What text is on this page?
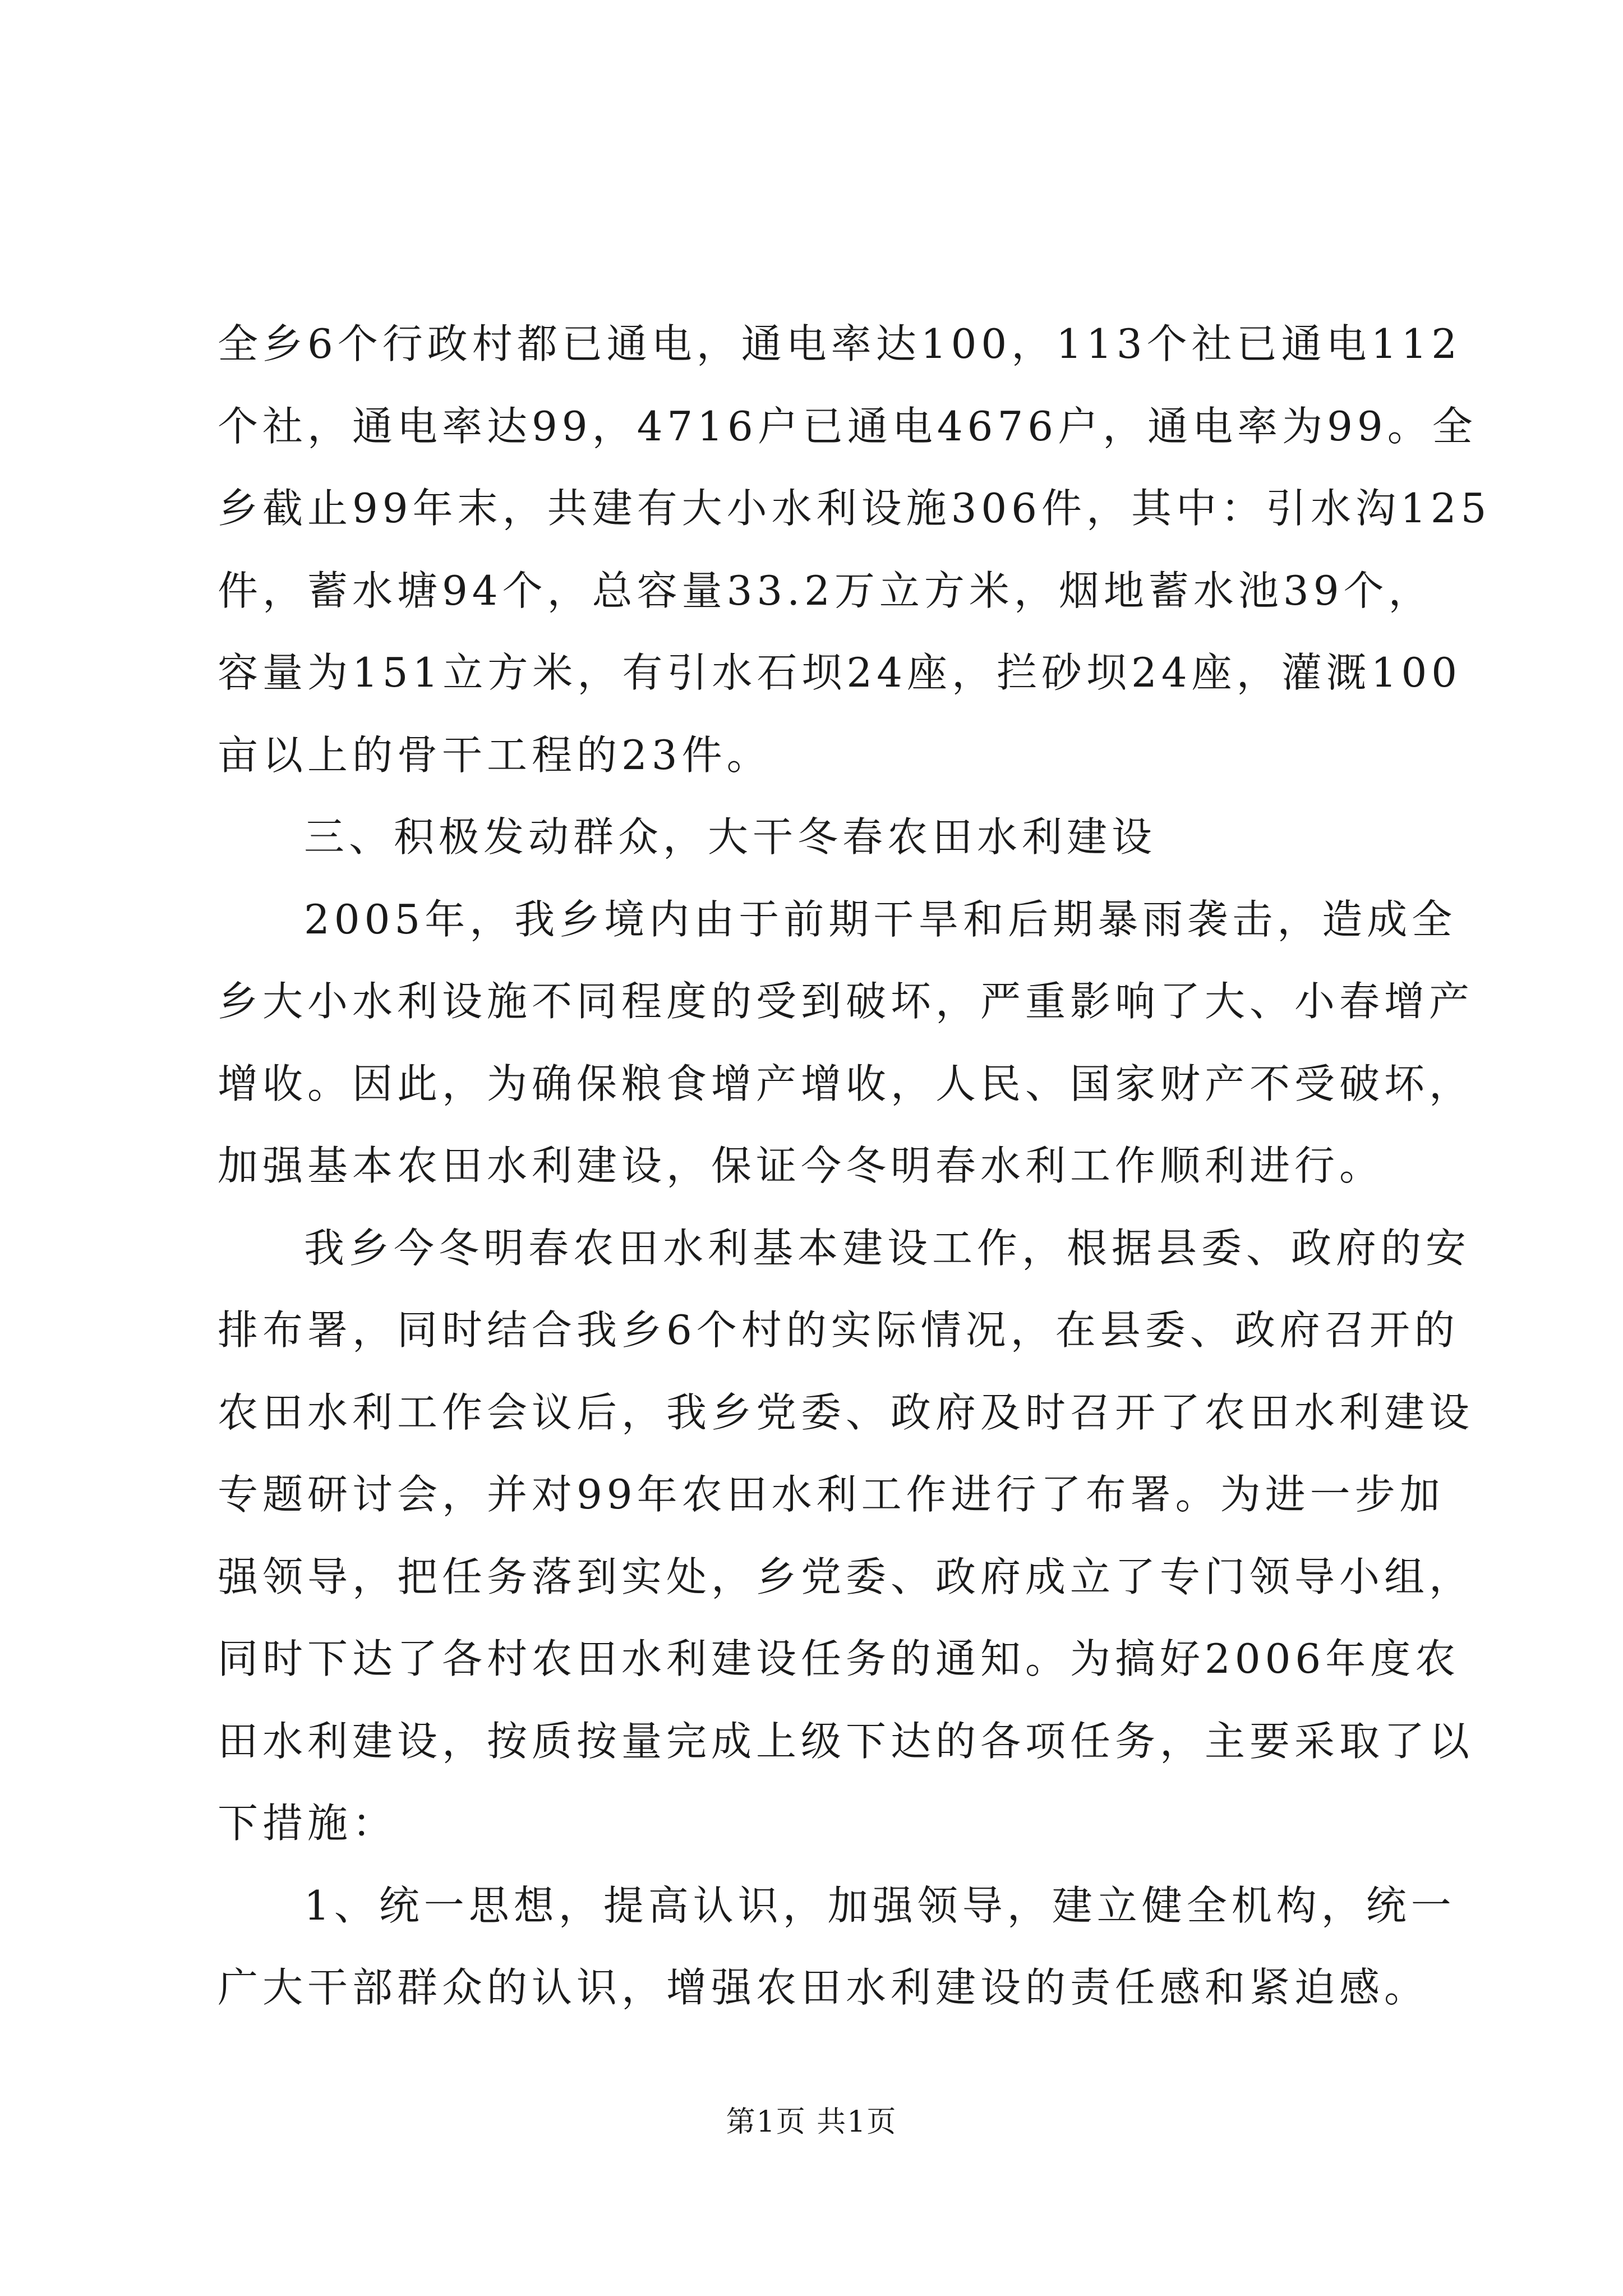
全乡6个行政村都已通电，通电率达100，113个社已通电112
个社，通电率达99，4716户已通电4676户，通电率为99。全
乡截止99年末，共建有大小水利设施306件，其中：引水沟125
件，蓄水塘94个，总容量33.2万立方米，烟地蓄水池39个，
容量为151立方米，有引水石坝24座，拦砂坝24座，灌溉100
亩以上的骨干工程的23件。
三、积极发动群众，大干冬春农田水利建设
2005年，我乡境内由于前期干旱和后期暴雨袭击，造成全
乡大小水利设施不同程度的受到破坏，严重影响了大、小春增产
增收。因此，为确保粮食增产增收，人民、国家财产不受破坏，
加强基本农田水利建设，保证今冬明春水利工作顺利进行。
我乡今冬明春农田水利基本建设工作，根据县委、政府的安
排布署，同时结合我乡6个村的实际情况，在县委、政府召开的
农田水利工作会议后，我乡党委、政府及时召开了农田水利建设
专题研讨会，并对99年农田水利工作进行了布署。为进一步加
强领导，把任务落到实处，乡党委、政府成立了专门领导小组，
同时下达了各村农田水利建设任务的通知。为搞好2006年度农
田水利建设，按质按量完成上级下达的各项任务，主要采取了以
下措施：
1、统一思想，提高认识，加强领导，建立健全机构，统一
广大干部群众的认识，增强农田水利建设的责任感和紧迫感。
第1页 共1页
